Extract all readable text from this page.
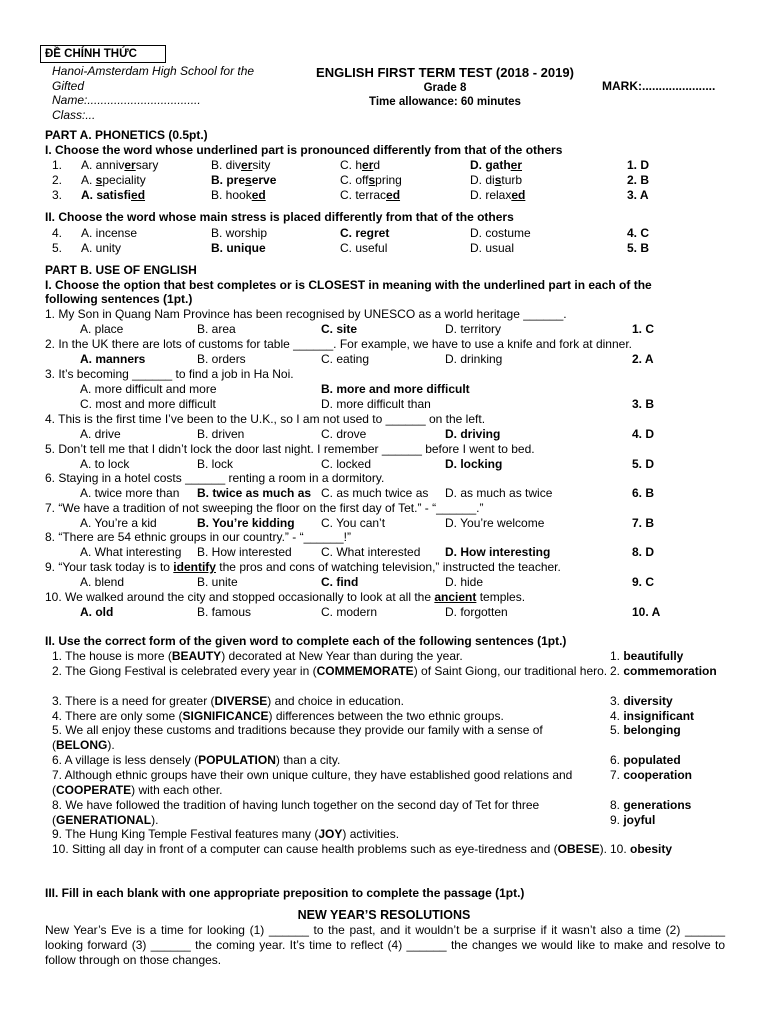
ĐỀ CHÍNH THỨC
Hanoi-Amsterdam High School for the
Gifted
Name:..................................
Class:...
ENGLISH FIRST TERM TEST (2018 - 2019)
Grade 8
Time allowance: 60 minutes
MARK:......................
PART A. PHONETICS (0.5pt.)
I. Choose the word whose underlined part is pronounced differently from that of the others
1. A. anniversary	B. diversity	C. herd	D. gather	1. D
2. A. speciality	B. preserve	C. offspring	D. disturb	2. B
3. A. satisfied	B. hooked	C. terraced	D. relaxed	3. A
II. Choose the word whose main stress is placed differently from that of the others
4. A. incense	B. worship	C. regret	D. costume	4. C
5. A. unity	B. unique	C. useful	D. usual	5. B
PART B. USE OF ENGLISH
I. Choose the option that best completes or is CLOSEST in meaning with the underlined part in each of the
following sentences (1pt.)
1. My Son in Quang Nam Province has been recognised by UNESCO as a world heritage ______.
A. place	B. area	C. site	D. territory	1. C
2. In the UK there are lots of customs for table ______. For example, we have to use a knife and fork at dinner.
A. manners	B. orders	C. eating	D. drinking	2. A
3. It’s becoming ______ to find a job in Ha Noi.
A. more difficult and more	B. more and more difficult
C. most and more difficult	D. more difficult than	3. B
4. This is the first time I’ve been to the U.K., so I am not used to ______ on the left.
A. drive	B. driven	C. drove	D. driving	4. D
5. Don’t tell me that I didn’t lock the door last night. I remember ______ before I went to bed.
A. to lock	B. lock	C. locked	D. locking	5. D
6. Staying in a hotel costs ______ renting a room in a dormitory.
A. twice more than B. twice as much as C. as much twice as D. as much as twice	6. B
7. “We have a tradition of not sweeping the floor on the first day of Tet.” - “______.”
A. You’re a kid	B. You’re kidding C. You can’t	D. You’re welcome	7. B
8. “There are 54 ethnic groups in our country.” - “______!”
A. What interesting B. How interested C. What interested D. How interesting	8. D
9. “Your task today is to identify the pros and cons of watching television,” instructed the teacher.
A. blend	B. unite	C. find	D. hide	9. C
10. We walked around the city and stopped occasionally to look at all the ancient temples.
A. old	B. famous	C. modern	D. forgotten	10. A
II. Use the correct form of the given word to complete each of the following sentences (1pt.)
1. The house is more (BEAUTY) decorated at New Year than during the year.	1. beautifully
2. The Giong Festival is celebrated every year in (COMMEMORATE) of Saint Giong, our traditional hero. 2. commemoration
3. There is a need for greater (DIVERSE) and choice in education.	3. diversity
4. There are only some (SIGNIFICANCE) differences between the two ethnic groups.	4. insignificant
5. We all enjoy these customs and traditions because they provide our family with a sense of (BELONG).
5. belonging
6. A village is less densely (POPULATION) than a city.	6. populated
7. Although ethnic groups have their own unique culture, they have established good relations and (COOPERATE) with each other.
7. cooperation
8. We have followed the tradition of having lunch together on the second day of Tet for three (GENERATIONAL).
8. generations
9. The Hung King Temple Festival features many (JOY) activities.
9. joyful
10. Sitting all day in front of a computer can cause health problems such as eye-tiredness and (OBESE). 10. obesity
III. Fill in each blank with one appropriate preposition to complete the passage (1pt.)
NEW YEAR’S RESOLUTIONS
New Year’s Eve is a time for looking (1) ______ to the past, and it wouldn’t be a surprise if it wasn’t also a time (2) ______ looking forward (3) ______ the coming year. It’s time to reflect (4) ______ the changes we would like to make and resolve to follow through on those changes.
